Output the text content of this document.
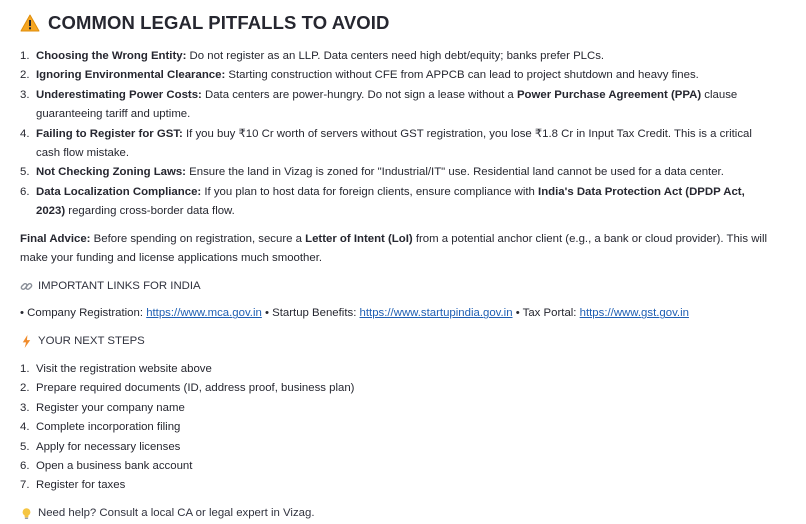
COMMON LEGAL PITFALLS TO AVOID
1. Choosing the Wrong Entity: Do not register as an LLP. Data centers need high debt/equity; banks prefer PLCs.
2. Ignoring Environmental Clearance: Starting construction without CFE from APPCB can lead to project shutdown and heavy fines.
3. Underestimating Power Costs: Data centers are power-hungry. Do not sign a lease without a Power Purchase Agreement (PPA) clause guaranteeing tariff and uptime.
4. Failing to Register for GST: If you buy ₹10 Cr worth of servers without GST registration, you lose ₹1.8 Cr in Input Tax Credit. This is a critical cash flow mistake.
5. Not Checking Zoning Laws: Ensure the land in Vizag is zoned for "Industrial/IT" use. Residential land cannot be used for a data center.
6. Data Localization Compliance: If you plan to host data for foreign clients, ensure compliance with India's Data Protection Act (DPDP Act, 2023) regarding cross-border data flow.

Final Advice: Before spending on registration, secure a Letter of Intent (LoI) from a potential anchor client (e.g., a bank or cloud provider). This will make your funding and license applications much smoother.

IMPORTANT LINKS FOR INDIA

• Company Registration: https://www.mca.gov.in • Startup Benefits: https://www.startupindia.gov.in • Tax Portal: https://www.gst.gov.in

YOUR NEXT STEPS
1. Visit the registration website above
2. Prepare required documents (ID, address proof, business plan)
3. Register your company name
4. Complete incorporation filing
5. Apply for necessary licenses
6. Open a business bank account
7. Register for taxes
Need help? Consult a local CA or legal expert in Vizag.
